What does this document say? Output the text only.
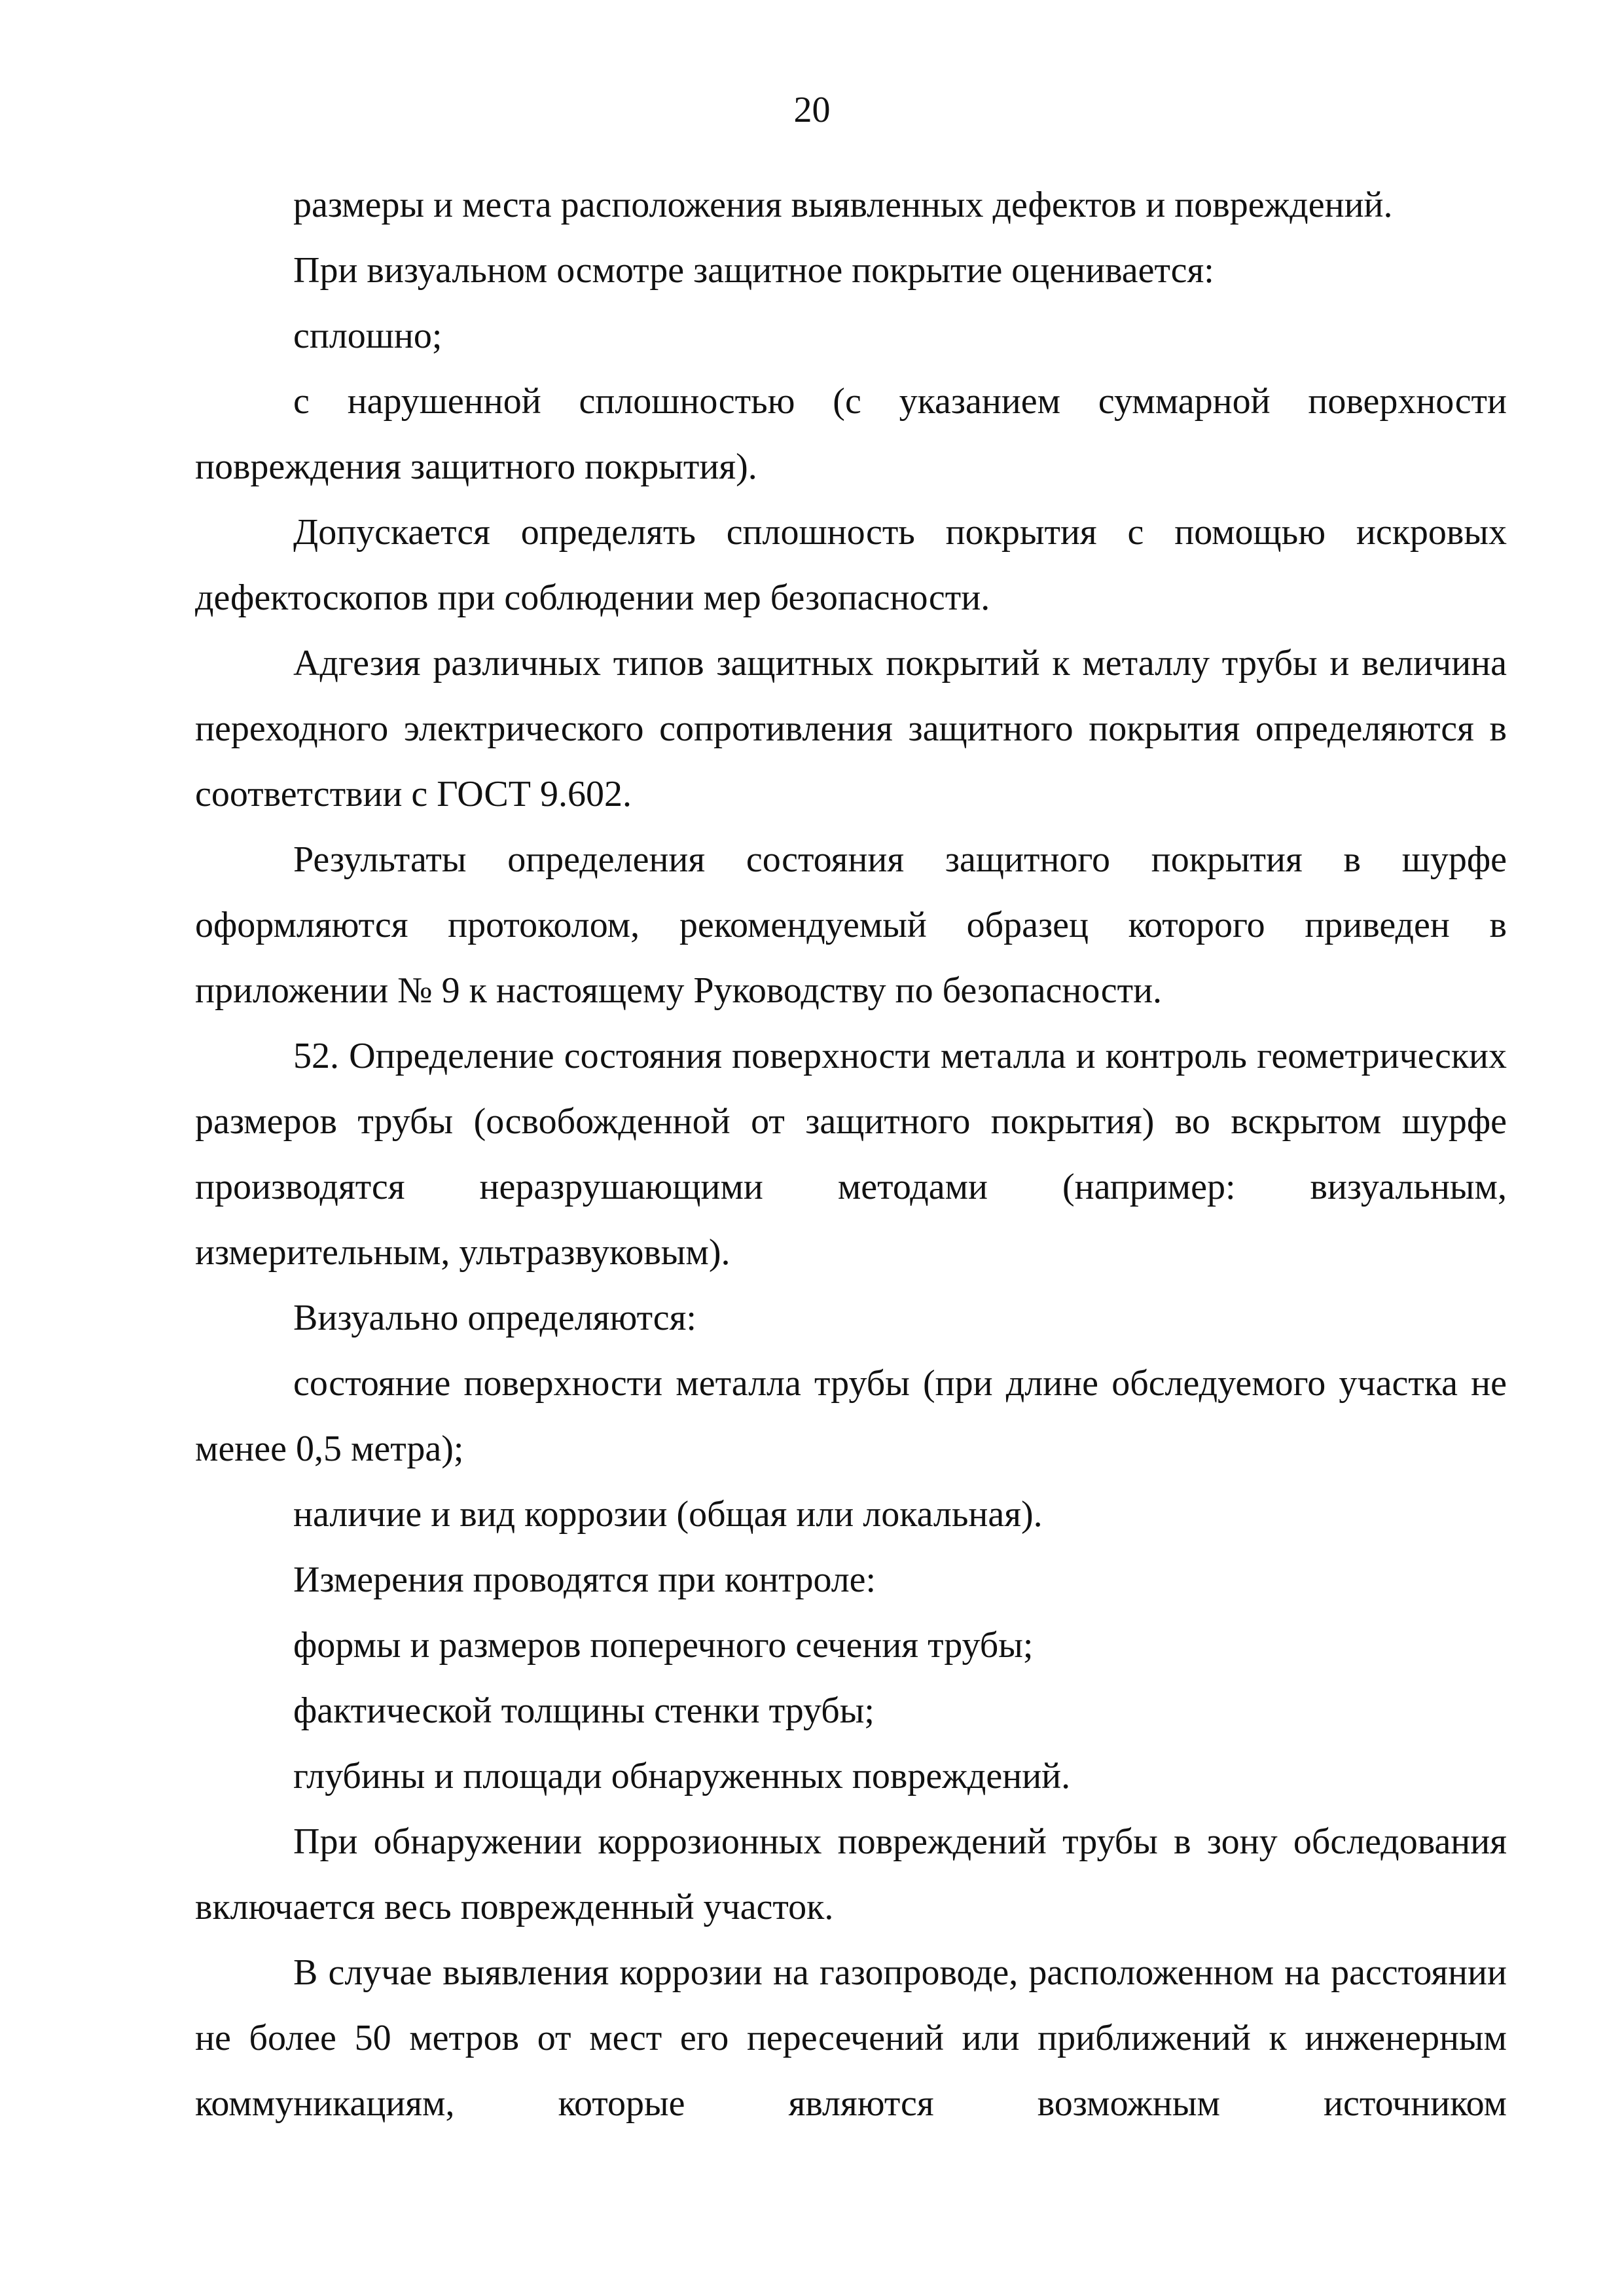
20

размеры и места расположения выявленных дефектов и повреждений.

При визуальном осмотре защитное покрытие оценивается:

сплошно;

с нарушенной сплошностью (с указанием суммарной поверхности повреждения защитного покрытия).

Допускается определять сплошность покрытия с помощью искровых дефектоскопов при соблюдении мер безопасности.

Адгезия различных типов защитных покрытий к металлу трубы и величина переходного электрического сопротивления защитного покрытия определяются в соответствии с ГОСТ 9.602.

Результаты определения состояния защитного покрытия в шурфе оформляются протоколом, рекомендуемый образец которого приведен в приложении № 9 к настоящему Руководству по безопасности.

52. Определение состояния поверхности металла и контроль геометрических размеров трубы (освобожденной от защитного покрытия) во вскрытом шурфе производятся неразрушающими методами (например: визуальным, измерительным, ультразвуковым).

Визуально определяются:

состояние поверхности металла трубы (при длине обследуемого участка не менее 0,5 метра);

наличие и вид коррозии (общая или локальная).

Измерения проводятся при контроле:

формы и размеров поперечного сечения трубы;

фактической толщины стенки трубы;

глубины и площади обнаруженных повреждений.

При обнаружении коррозионных повреждений трубы в зону обследования включается весь поврежденный участок.

В случае выявления коррозии на газопроводе, расположенном на расстоянии не более 50 метров от мест его пересечений или приближений к инженерным коммуникациям, которые являются возможным источником
